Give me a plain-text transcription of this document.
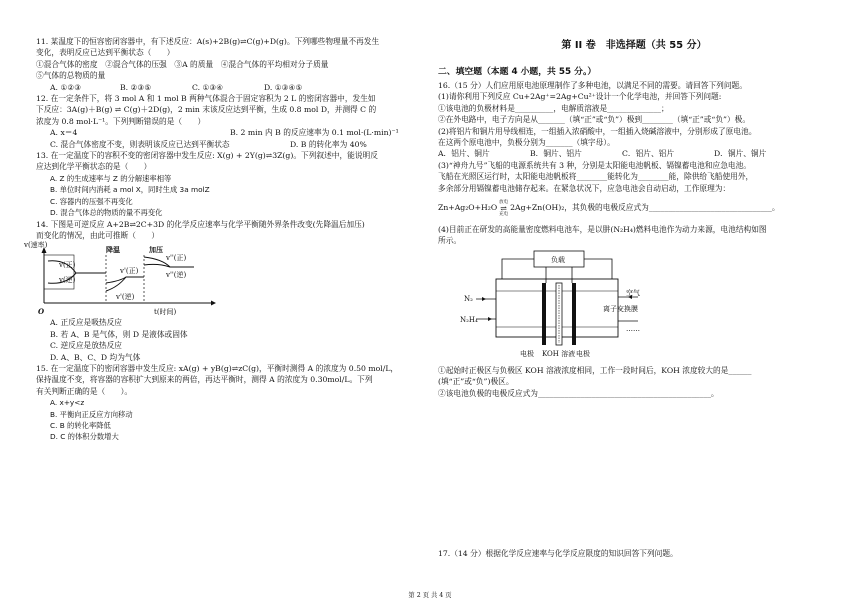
11. 某温度下的恒容密闭容器中，有下述反应：A(s)+2B(g)⇌C(g)+D(g)。下列哪些物理量不再发生
变化，表明反应已达到平衡状态（　　）
①混合气体的密度　②混合气体的压强　③A 的质量　④混合气体的平均相对分子质量
⑤气体的总物质的量
A. ①②③	B. ②③⑤	C. ①③④	D. ①③④⑤
12. 在一定条件下，将 3 mol A 和 1 mol B 两种气体混合于固定容积为 2 L 的密闭容器中，发生如
下反应：3A(g)＋B(g) ⇌ C(g)＋2D(g)，2 min 末该反应达到平衡，生成 0.8 mol D，并测得 C 的
浓度为 0.8 mol·L⁻¹。下列判断错误的是（　　）
A. x＝4	B. 2 min 内 B 的反应速率为 0.1 mol·(L·min)⁻¹
C. 混合气体密度不变，则表明该反应已达到平衡状态	D. B 的转化率为 40%
13. 在一定温度下的容积不变的密闭容器中发生反应: X(g) + 2Y(g)⇌3Z(g)。下列叙述中，能说明反
应达到化学平衡状态的是（　　）
A. Z 的生成速率与 Z 的分解速率相等
B. 单位时间内消耗 a mol X，同时生成 3a molZ
C. 容器内的压强不再变化
D. 混合气体总的物质的量不再变化
14. 下图是可逆反应 A+2B⇌2C+3D 的化学反应速率与化学平衡随外界条件改变(先降温后加压)
而变化的情况，由此可推断（　　）
v(速率)
O	t(时间)
降温	加压
v(正)
v(逆)
v'(正)
v'(逆)
v''(正)
v''(逆)
A. 正反应是吸热反应
B. 若 A、B 是气体，则 D 是液体或固体
C. 逆反应是放热反应
D. A、B、C、D 均为气体
15. 在一定温度下的密闭容器中发生反应: xA(g) + yB(g)⇌zC(g)，平衡时测得 A 的浓度为 0.50 mol/L，
保持温度不变，将容器的容积扩大到原来的两倍，再达平衡时，测得 A 的浓度为 0.30mol/L。下列
有关判断正确的是（　　）。
A. x+y<z
B. 平衡向正反应方向移动
C. B 的转化率降低
D. C 的体积分数增大
第 II 卷　非选择题（共 55 分）
二、填空题（本题 4 小题，共 55 分。）
16.（15 分）人们应用原电池原理制作了多种电池，以满足不同的需要。请回答下列问题。
(1)请你利用下列反应 Cu+2Ag⁺=2Ag+Cu²⁺设计一个化学电池，并回答下列问题:
①该电池的负极材料是__________，电解质溶液是______________；
②在外电路中，电子方向是从_______（填“正”或“负”）极到________（填“正”或“负”）极。
(2)将铝片和铜片用导线相连，一组插入浓硝酸中，一组插入烧碱溶液中，分别形成了原电池。
在这两个原电池中，负极分别为_______（填字母）。
A．铝片、铜片	B．铜片、铝片	C．铝片、铝片	D．铜片、铜片
(3)“神舟九号”飞船的电源系统共有 3 种，分别是太阳能电池帆板、镉镍蓄电池和应急电池。
飞船在光照区运行时，太阳能电池帆板将________能转化为________能，除供给飞船使用外，
多余部分用镉镍蓄电池储存起来。在紧急状况下，应急电池会自动启动，工作原理为：
Zn+Ag₂O+H₂O
放电
⇌
充电
2Ag+Zn(OH)₂，其负极的电极反应式为________________________________。
(4)目前正在研发的高能量密度燃料电池车，是以肼(N₂H₄)燃料电池作为动力来源，电池结构如图
所示。
负载
N₂
N₂H₄
空气
离子交换膜
……
电极 KOH 溶液 电极
①起始时正极区与负极区 KOH 溶液浓度相同，工作一段时间后，KOH 浓度较大的是______
(填“正”或“负”)极区。
②该电池负极的电极反应式为_____________________________________________。
17.（14 分）根据化学反应速率与化学反应限度的知识回答下列问题。
第 2 页 共 4 页
